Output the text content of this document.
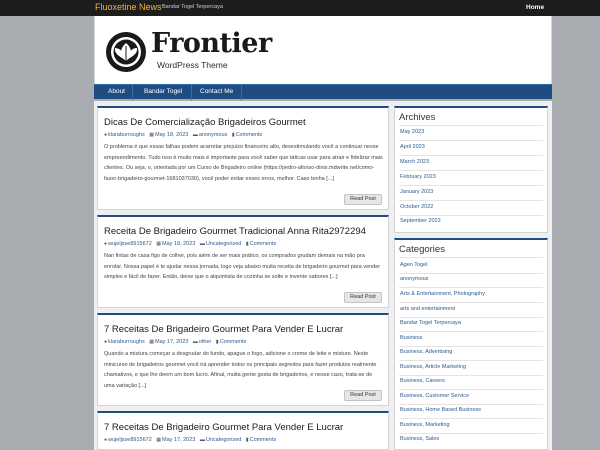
Fluoxetine News Bandar Togel Terpercaya	Home
Frontier
WordPress Theme
About	Bandar Togel	Contact Me
Dicas De Comercialização Brigadeiros Gourmet
●klaraburroughs ▦May 18, 2023 ▬anonymous ▮Comments
O problema é que essas falhas podem acarretar prejuízo financeiro alto, desestimulando você a continuar nesse empreendimento. Tudo isso é muito mais é importante para você saber que táticas usar para atrair e fidelizar mais clientes. Ou seja, o, orientada por um Curso de Brigadeiro online (https://pedro-afonso-dinis.mdwrite.net/como-fazer-brigadeiro-gourmet-1681037030), você poder evitar esses erros, melhor. Caso tenha [...]
Read Post
Receita De Brigadeiro Gourmet Tradicional Anna Rita2972294
●wujeljsse8915672 ▦May 18, 2023 ▬Uncategorized ▮Comments
Nan fintas de casa figo de colher, pois além de ser mais prático, os comprados grudam demais na mão pra enrolar. Nossa papel é te ajudar nessa jornada, logo veja abaixo muita receita de brigadeiro gourmet para vender simples e fácil de fazer. Então, deixe que o alquimista de cozinha se solte e invente sabores [...]
Read Post
7 Receitas De Brigadeiro Gourmet Para Vender E Lucrar
●klaraburroughs ▦May 17, 2023 ▬other ▮Comments
Quando a mistura começar a desgrudar do fundo, apague o fogo, adicione o creme de leite e misture. Neste minicurso de brigadeiros gourmet você irá aprender todos os principais segredos para fazer produtos realmente chamativos, e que lhe deem um bom lucro. Afinal, muita gente gosta de brigadeiros, e nesse caso, trata-se de uma variação [...]
Read Post
7 Receitas De Brigadeiro Gourmet Para Vender E Lucrar
●wujeljsse8915672 ▦May 17, 2023 ▬Uncategorized ▮Comments
Archives
May 2023
April 2023
March 2023
February 2023
January 2023
October 2022
September 2022
Categories
Agen Togel
anonymous
Arts & Entertainment, Photography
arts and entertainment
Bandar Togel Terpercaya
Business
Business, Advertising
Business, Article Marketing
Business, Careers
Business, Customer Service
Business, Home Based Business
Business, Marketing
Business, Sales
